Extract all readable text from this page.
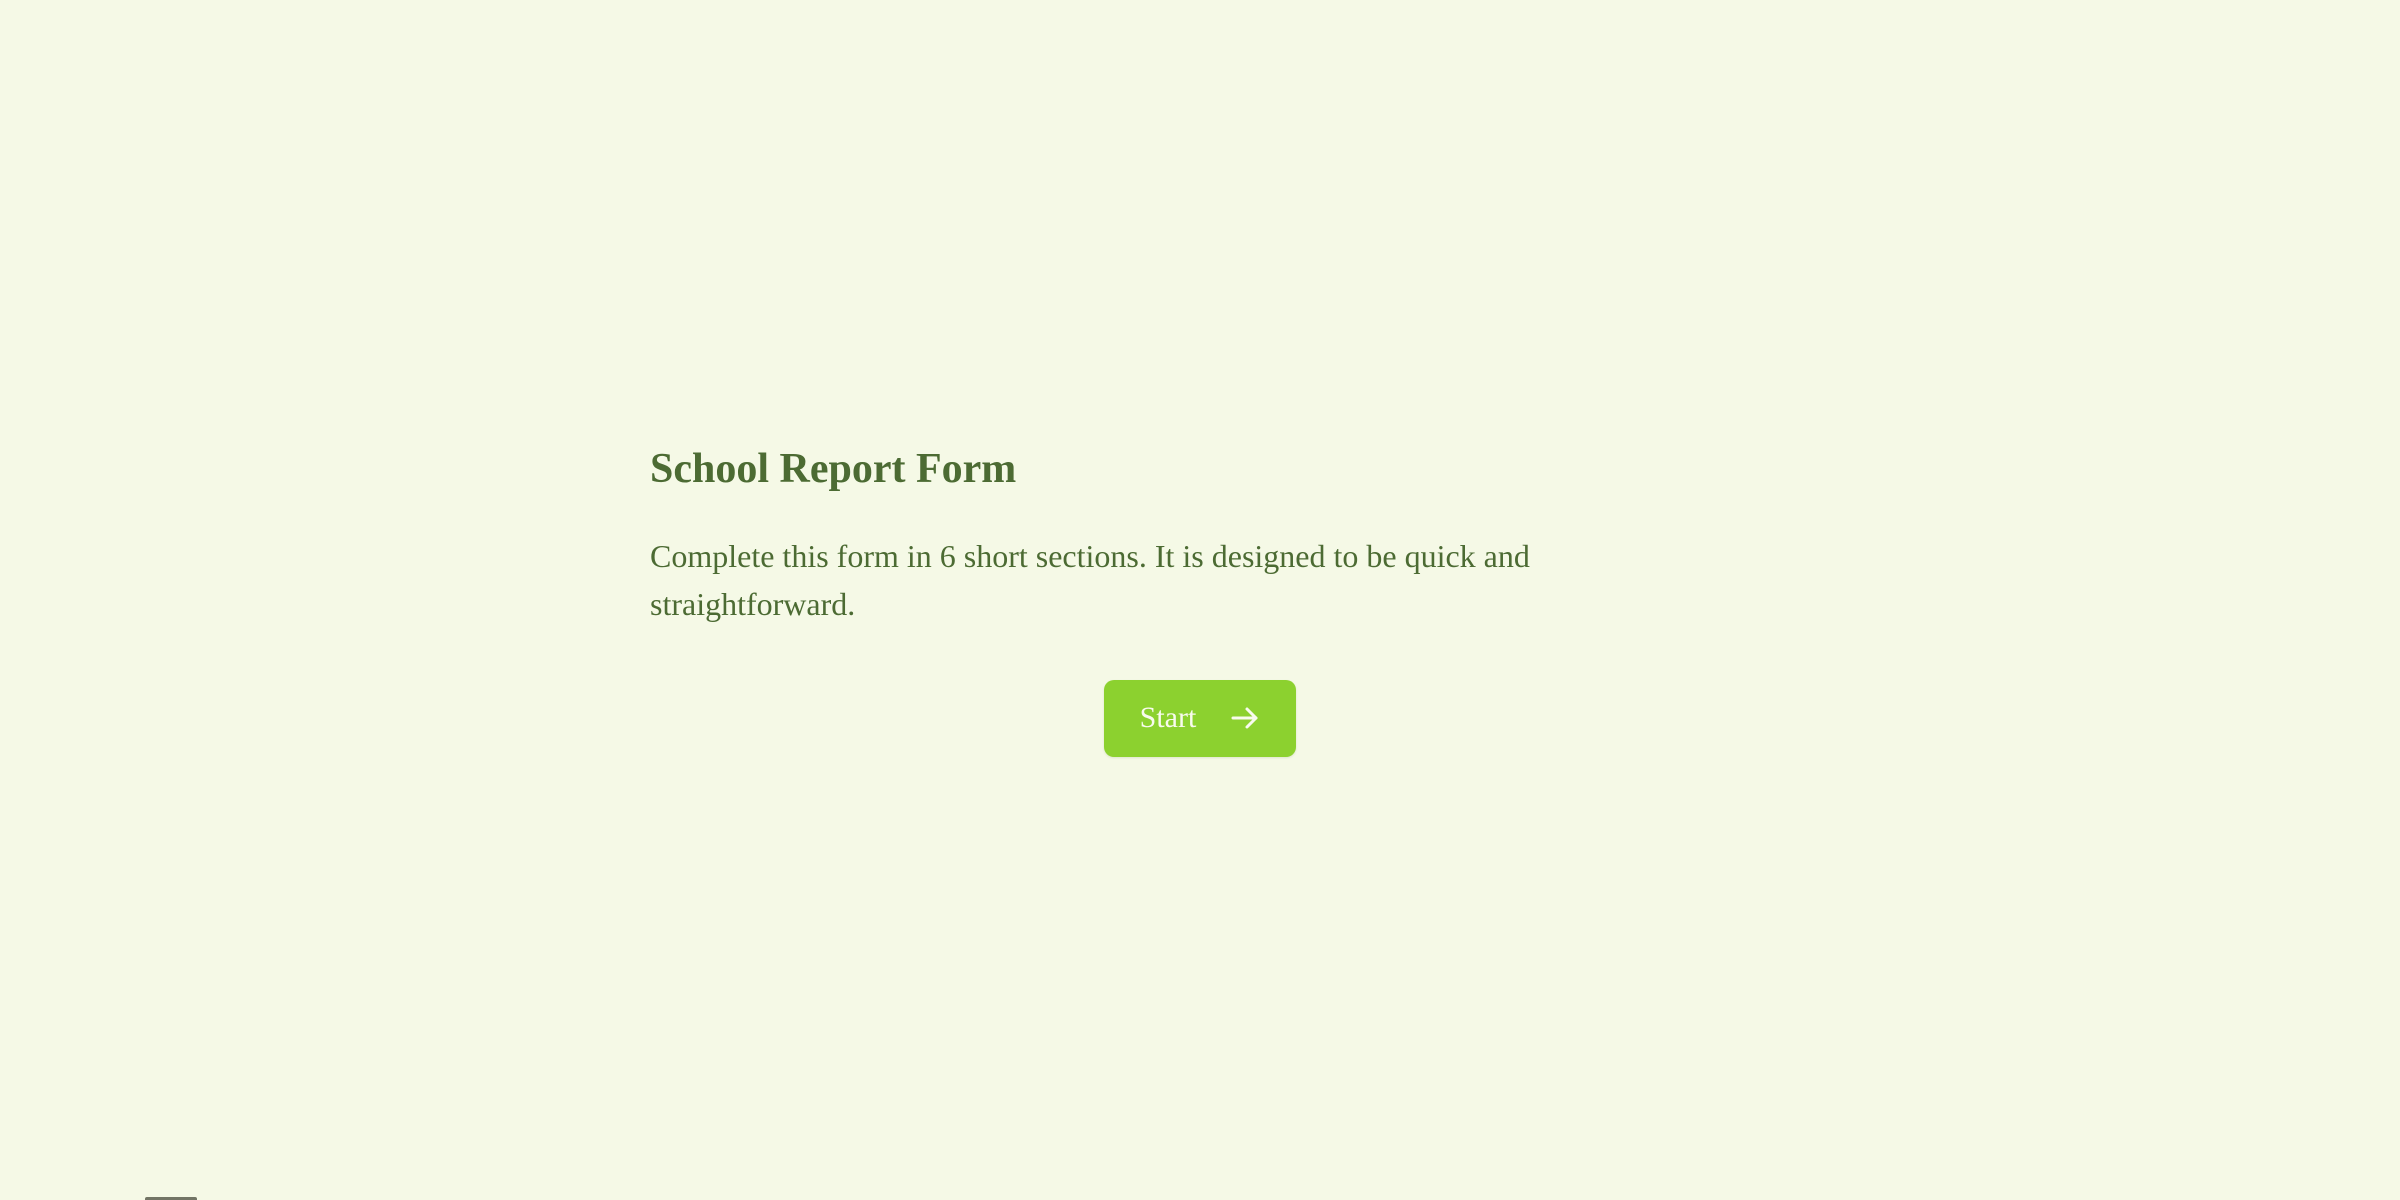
School Report Form

Complete this form in 6 short sections. It is designed to be quick and
straightforward.

Start
